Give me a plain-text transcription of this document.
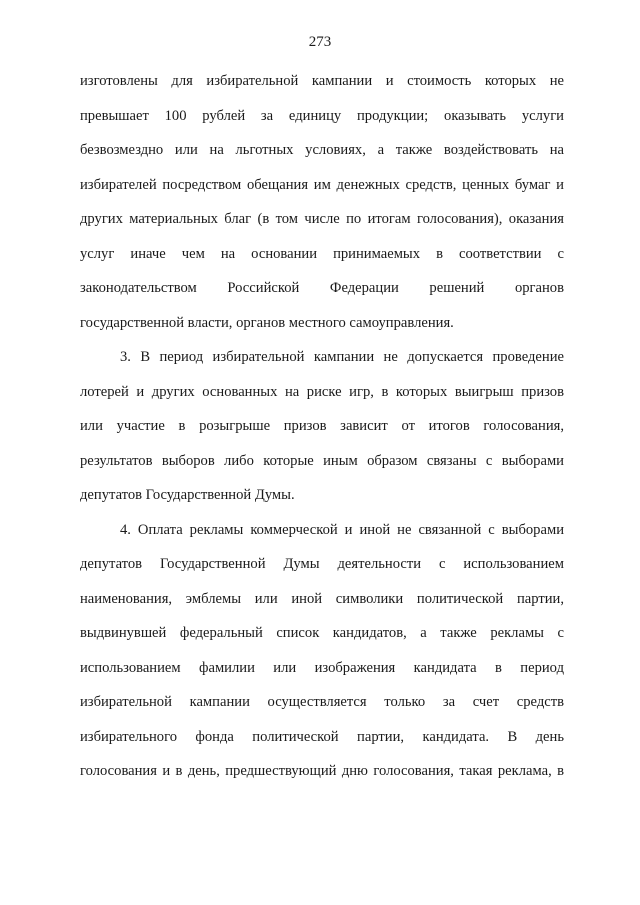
273
изготовлены для избирательной кампании и стоимость которых не
превышает 100 рублей за единицу продукции; оказывать услуги
безвозмездно или на льготных условиях, а также воздействовать на
избирателей посредством обещания им денежных средств, ценных бумаг и
других материальных благ (в том числе по итогам голосования), оказания
услуг иначе чем на основании принимаемых в соответствии с
законодательством Российской Федерации решений органов
государственной власти, органов местного самоуправления.
3. В период избирательной кампании не допускается проведение
лотерей и других основанных на риске игр, в которых выигрыш призов
или участие в розыгрыше призов зависит от итогов голосования,
результатов выборов либо которые иным образом связаны с выборами
депутатов Государственной Думы.
4. Оплата рекламы коммерческой и иной не связанной с выборами
депутатов Государственной Думы деятельности с использованием
наименования, эмблемы или иной символики политической партии,
выдвинувшей федеральный список кандидатов, а также рекламы с
использованием фамилии или изображения кандидата в период
избирательной кампании осуществляется только за счет средств
избирательного фонда политической партии, кандидата. В день
голосования и в день, предшествующий дню голосования, такая реклама, в
